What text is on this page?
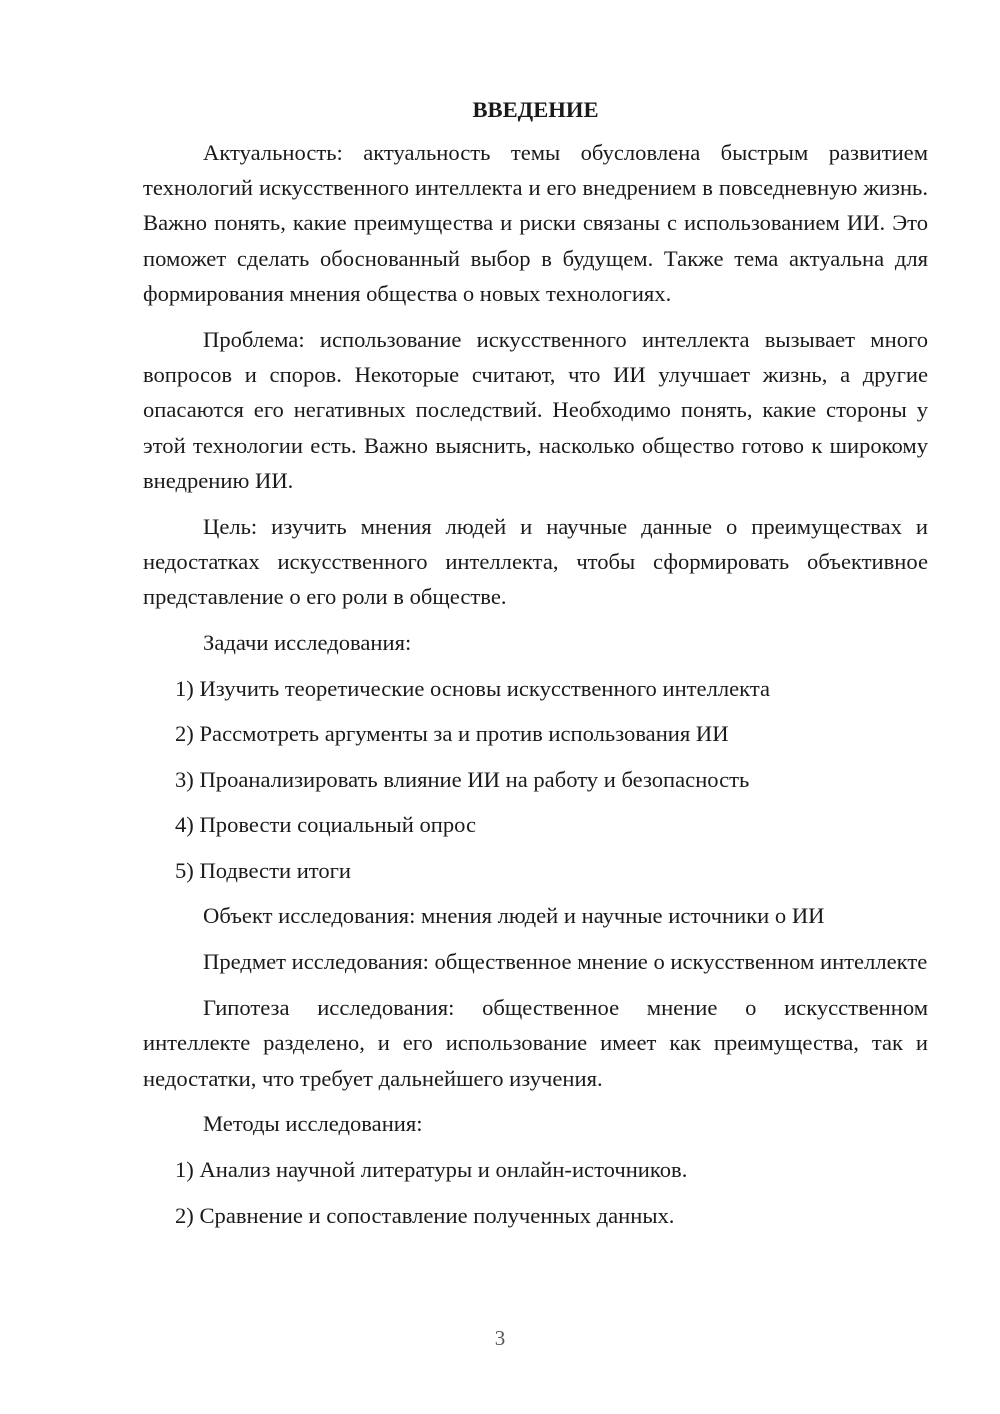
ВВЕДЕНИЕ

Актуальность: актуальность темы обусловлена быстрым развитием технологий искусственного интеллекта и его внедрением в повседневную жизнь. Важно понять, какие преимущества и риски связаны с использованием ИИ. Это поможет сделать обоснованный выбор в будущем. Также тема актуальна для формирования мнения общества о новых технологиях.

Проблема: использование искусственного интеллекта вызывает много вопросов и споров. Некоторые считают, что ИИ улучшает жизнь, а другие опасаются его негативных последствий. Необходимо понять, какие стороны у этой технологии есть. Важно выяснить, насколько общество готово к широкому внедрению ИИ.

Цель: изучить мнения людей и научные данные о преимуществах и недостатках искусственного интеллекта, чтобы сформировать объективное представление о его роли в обществе.

Задачи исследования:

1) Изучить теоретические основы искусственного интеллекта
2) Рассмотреть аргументы за и против использования ИИ
3) Проанализировать влияние ИИ на работу и безопасность
4) Провести социальный опрос
5) Подвести итоги

Объект исследования: мнения людей и научные источники о ИИ

Предмет исследования: общественное мнение о искусственном интеллекте

Гипотеза исследования: общественное мнение о искусственном интеллекте разделено, и его использование имеет как преимущества, так и недостатки, что требует дальнейшего изучения.

Методы исследования:

1) Анализ научной литературы и онлайн-источников.
2) Сравнение и сопоставление полученных данных.
3
